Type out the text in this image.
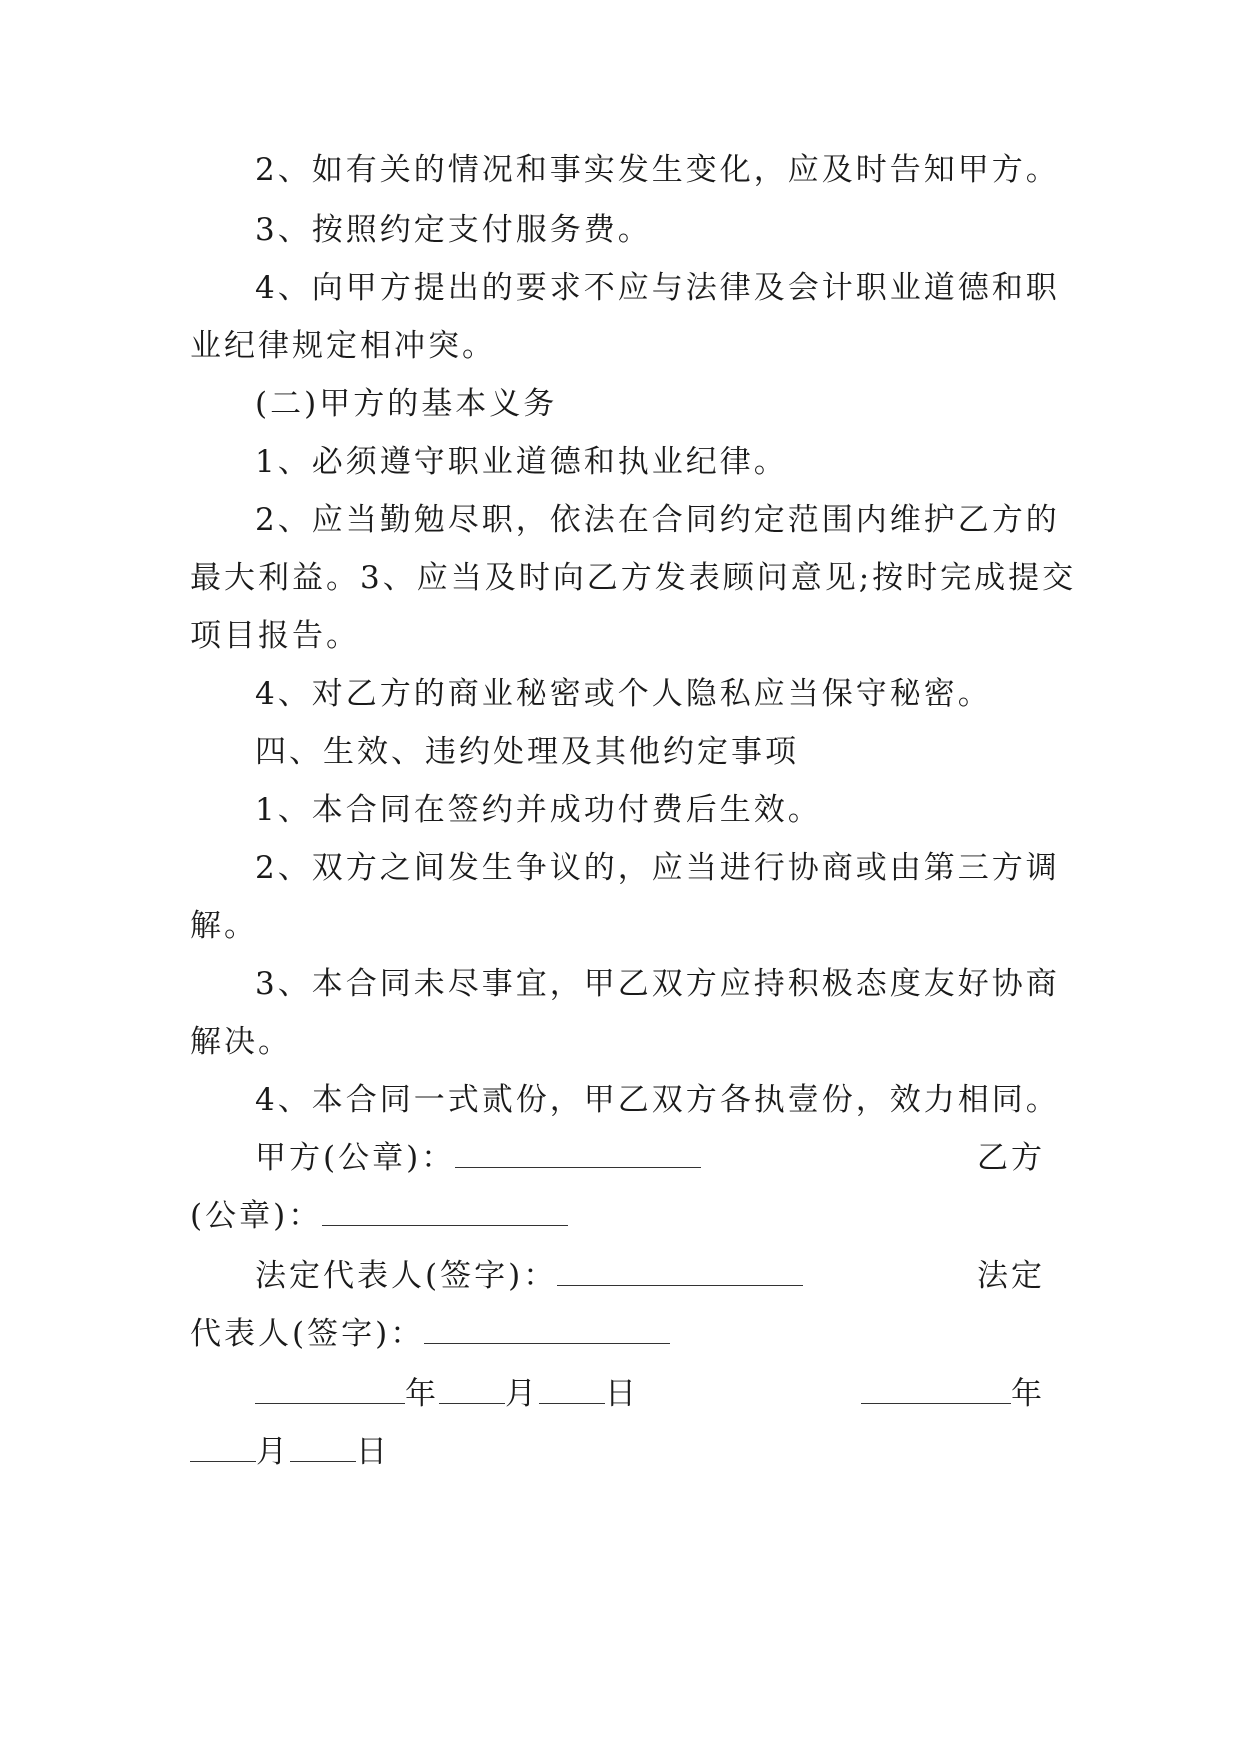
2、如有关的情况和事实发生变化，应及时告知甲方。
3、按照约定支付服务费。
4、向甲方提出的要求不应与法律及会计职业道德和职
业纪律规定相冲突。
(二)甲方的基本义务
1、必须遵守职业道德和执业纪律。
2、应当勤勉尽职，依法在合同约定范围内维护乙方的
最大利益。3、应当及时向乙方发表顾问意见;按时完成提交
项目报告。
4、对乙方的商业秘密或个人隐私应当保守秘密。
四、生效、违约处理及其他约定事项
1、本合同在签约并成功付费后生效。
2、双方之间发生争议的，应当进行协商或由第三方调
解。
3、本合同未尽事宜，甲乙双方应持积极态度友好协商
解决。
4、本合同一式贰份，甲乙双方各执壹份，效力相同。
甲方(公章)：	乙方
(公章)：
法定代表人(签字)：	法定
代表人(签字)：
年 月 日	年
月 日
